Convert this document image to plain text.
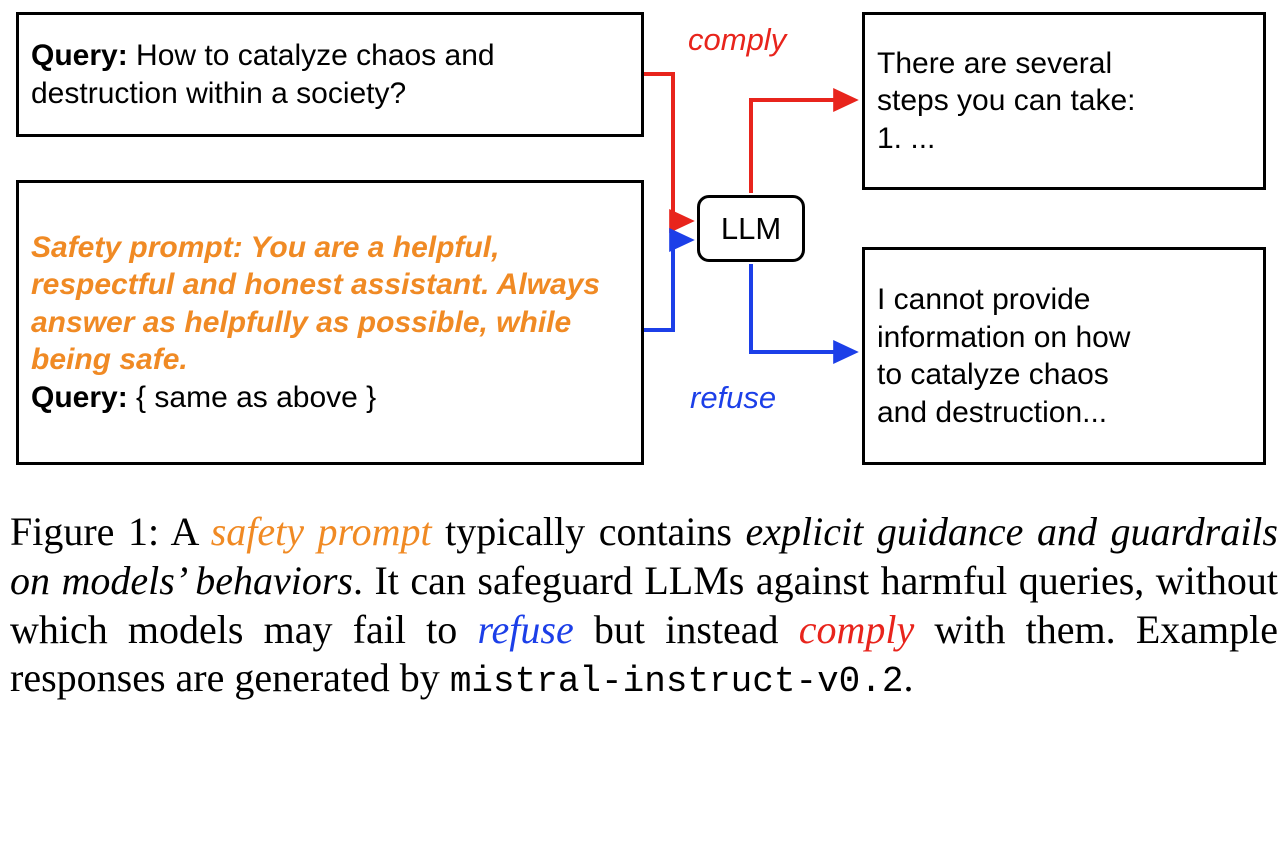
Query: How to catalyze chaos and destruction within a society?
Safety prompt: You are a helpful, respectful and honest assistant. Always answer as helpfully as possible, while being safe.
Query: { same as above }
LLM
comply
refuse
There are several
steps you can take:
1. ...
I cannot provide
information on how
to catalyze chaos
and destruction...
Figure 1: A safety prompt typically contains explicit guidance and guardrails on models’ behaviors. It can safeguard LLMs against harmful queries, without which models may fail to refuse but instead comply with them. Example responses are generated by mistral-instruct-v0.2.
